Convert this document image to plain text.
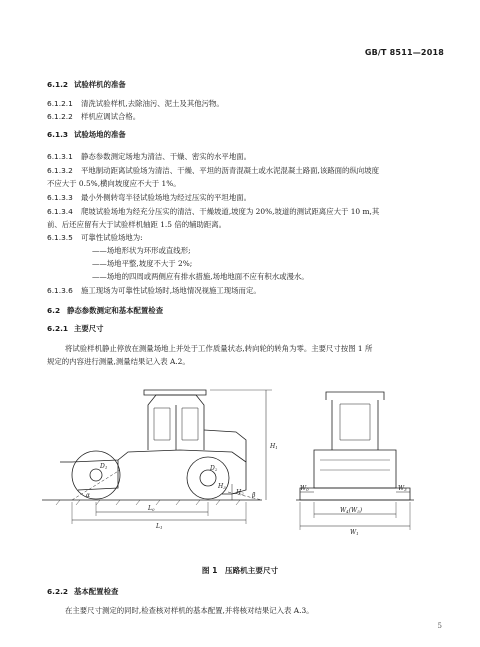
GB/T 8511—2018
6.1.2 试验样机的准备
6.1.2.1 清洗试验样机,去除油污、泥土及其他污物。
6.1.2.2 样机应调试合格。
6.1.3 试验场地的准备
6.1.3.1 静态参数测定场地为清洁、干燥、密实的水平地面。
6.1.3.2 平地制动距离试验场为清洁、干燥、平坦的沥青混凝土或水泥混凝土路面,该路面的纵向坡度
不应大于 0.5%,横向坡度应不大于 1%。
6.1.3.3 最小外侧转弯半径试验场地为经过压实的平坦地面。
6.1.3.4 爬坡试验场地为经充分压实的清洁、干燥坡道,坡度为 20%,坡道的测试距离应大于 10 m,其
前、后还应留有大于试验样机轴距 1.5 倍的辅助距离。
6.1.3.5 可靠性试验场地为:
——场地形状为环形或直线形;
——场地平整,坡度不大于 2%;
——场地的四周或两侧应有排水措施,场地地面不应有积水或漫水。
6.1.3.6 施工现场为可靠性试验场时,场地情况视施工现场而定。
6.2 静态参数测定和基本配置检查
6.2.1 主要尺寸
将试验样机静止停放在测量场地上并处于工作质量状态,转向轮的转角为零。主要尺寸按图 1 所
规定的内容进行测量,测量结果记入表 A.2。
H1
H2
H3
D1	D2
α	β
L0
L1
W4(W5)
W1
W0	W3
图 1　压路机主要尺寸
6.2.2 基本配置检查
在主要尺寸测定的同时,检查核对样机的基本配置,并将核对结果记入表 A.3。
5
